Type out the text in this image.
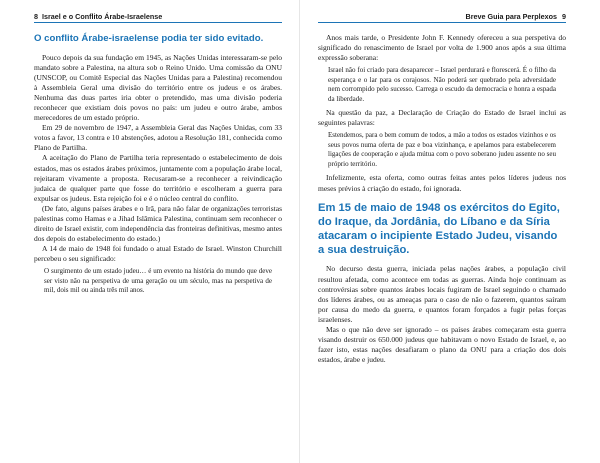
8 Israel e o Conflito Árabe-Israelense
O conflito Árabe-israelense podia ter sido evitado.

Pouco depois da sua fundação em 1945, as Nações Unidas interessaram-se pelo mandato sobre a Palestina, na altura sob o Reino Unido. Uma comissão da ONU (UNSCOP, ou Comitê Especial das Nações Unidas para a Palestina) recomendou à Assembleia Geral uma divisão do território entre os judeus e os árabes. Nenhuma das duas partes iria obter o pretendido, mas uma divisão poderia reconhecer que existiam dois povos no país: um judeu e outro árabe, ambos merecedores de um estado próprio.

Em 29 de novembro de 1947, a Assembleia Geral das Nações Unidas, com 33 votos a favor, 13 contra e 10 abstenções, adotou a Resolução 181, conhecida como Plano de Partilha.

A aceitação do Plano de Partilha teria representado o estabelecimento de dois estados, mas os estados árabes próximos, juntamente com a população árabe local, rejeitaram vivamente a proposta. Recusaram-se a reconhecer a reivindicação judaica de qualquer parte que fosse do território e escolheram a guerra para expulsar os judeus. Esta rejeição foi e é o núcleo central do conflito.

(De fato, alguns países árabes e o Irã, para não falar de organizações terroristas palestinas como Hamas e a Jihad Islâmica Palestina, continuam sem reconhecer o direito de Israel existir, com independência das fronteiras definitivas, mesmo antes dos depois do estabelecimento do estado.)

A 14 de maio de 1948 foi fundado o atual Estado de Israel. Winston Churchill percebeu o seu significado:

O surgimento de um estado judeu… é um evento na história do mundo que deve ser visto não na perspetiva de uma geração ou um século, mas na perspetiva de mil, dois mil ou ainda três mil anos.
Breve Guia para Perplexos 9

Anos mais tarde, o Presidente John F. Kennedy ofereceu a sua perspetiva do significado do renascimento de Israel por volta de 1.900 anos após a sua última expressão soberana:

Israel não foi criado para desaparecer – Israel perdurará e florescerá. É o filho da esperança e o lar para os corajosos. Não poderá ser quebrado pela adversidade nem corrompido pelo sucesso. Carrega o escudo da democracia e honra a espada da liberdade.

Na questão da paz, a Declaração de Criação do Estado de Israel inclui as seguintes palavras:

Estendemos, para o bem comum de todos, a mão a todos os estados vizinhos e os seus povos numa oferta de paz e boa vizinhança, e apelamos para estabelecerem ligações de cooperação e ajuda mútua com o povo soberano judeu assente no seu próprio território.

Infelizmente, esta oferta, como outras feitas antes pelos líderes judeus nos meses prévios à criação do estado, foi ignorada.

Em 15 de maio de 1948 os exércitos do Egito, do Iraque, da Jordânia, do Líbano e da Síria atacaram o incipiente Estado Judeu, visando a sua destruição.

No decurso desta guerra, iniciada pelas nações árabes, a população civil resultou afetada, como acontece em todas as guerras. Ainda hoje continuam as controvérsias sobre quantos árabes locais fugiram de Israel seguindo o chamado dos líderes árabes, ou as ameaças para o caso de não o fazerem, quantos saíram por causa do medo da guerra, e quantos foram forçados a fugir pelas forças israelenses.

Mas o que não deve ser ignorado – os países árabes começaram esta guerra visando destruir os 650.000 judeus que habitavam o novo Estado de Israel, e, ao fazer isto, estas nações desafiaram o plano da ONU para a criação dos dois estados, árabe e judeu.
